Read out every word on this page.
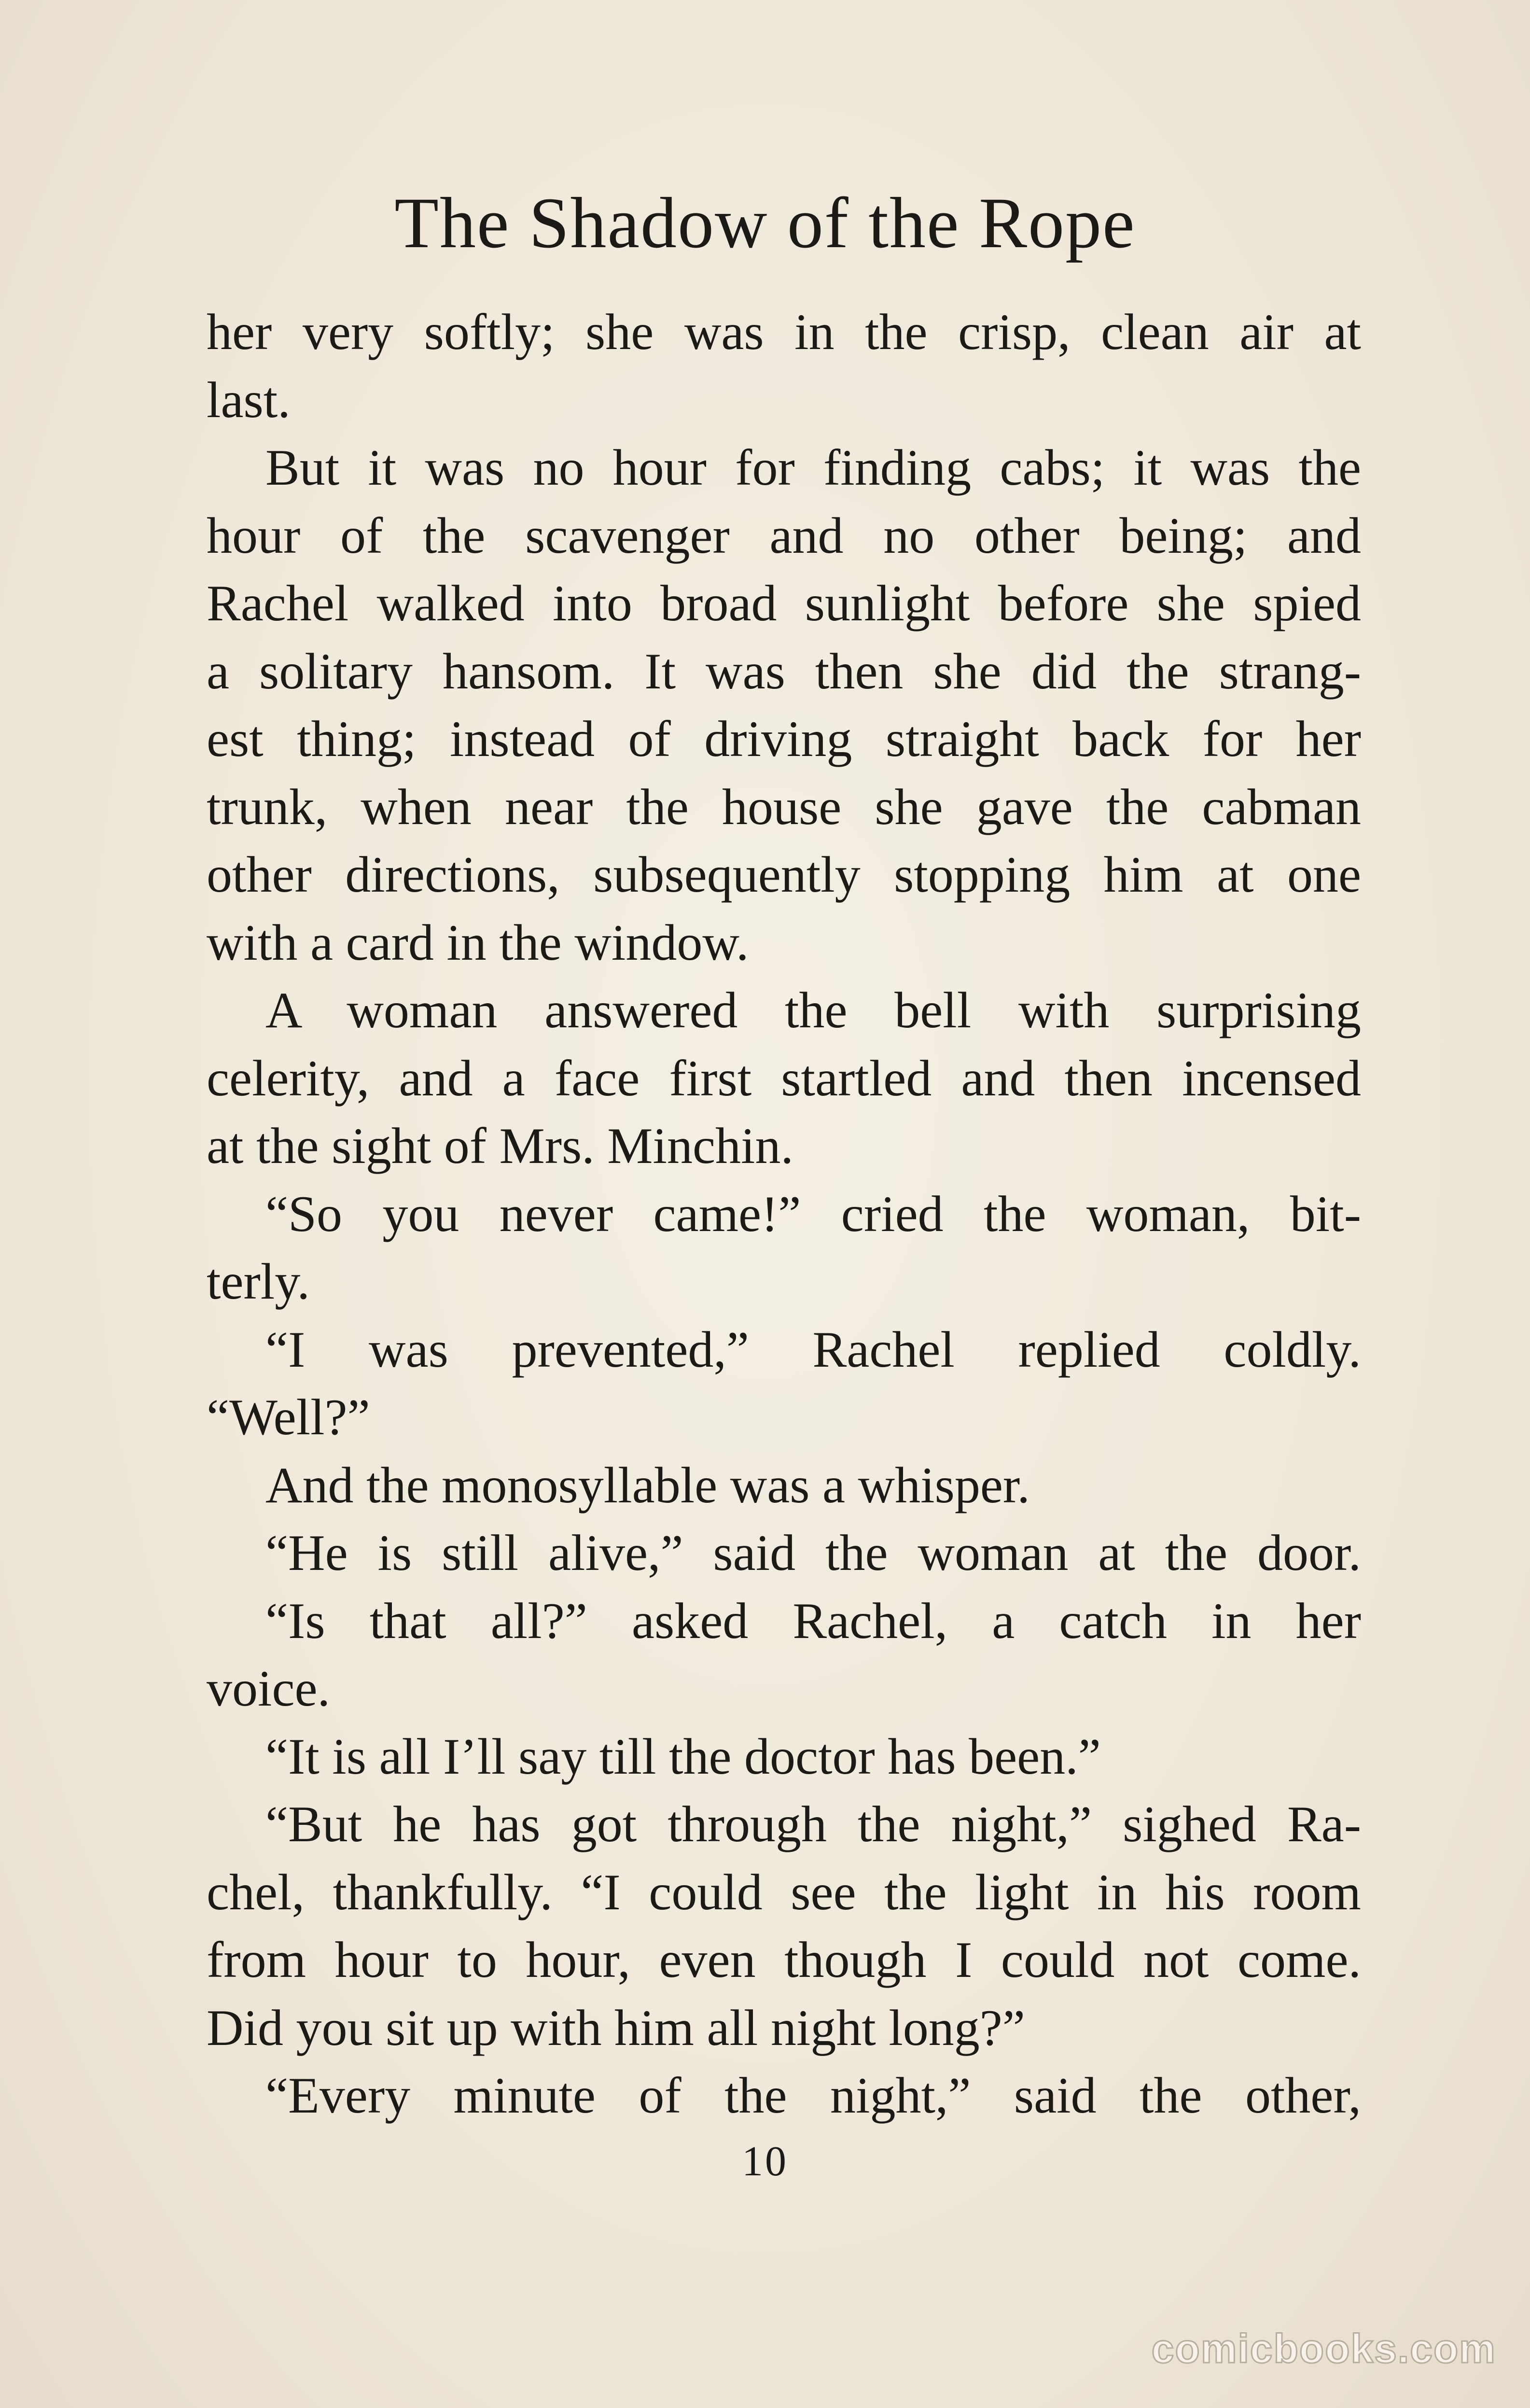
The Shadow of the Rope
her very softly; she was in the crisp, clean air at
last.
But it was no hour for finding cabs; it was the
hour of the scavenger and no other being; and
Rachel walked into broad sunlight before she spied
a solitary hansom. It was then she did the strang-
est thing; instead of driving straight back for her
trunk, when near the house she gave the cabman
other directions, subsequently stopping him at one
with a card in the window.
A woman answered the bell with surprising
celerity, and a face first startled and then incensed
at the sight of Mrs. Minchin.
“So you never came!” cried the woman, bit-
terly.
“I was prevented,” Rachel replied coldly.
“Well?”
And the monosyllable was a whisper.
“He is still alive,” said the woman at the door.
“Is that all?” asked Rachel, a catch in her
voice.
“It is all I’ll say till the doctor has been.”
“But he has got through the night,” sighed Ra-
chel, thankfully. “I could see the light in his room
from hour to hour, even though I could not come.
Did you sit up with him all night long?”
“Every minute of the night,” said the other,
10
comicbooks.com
